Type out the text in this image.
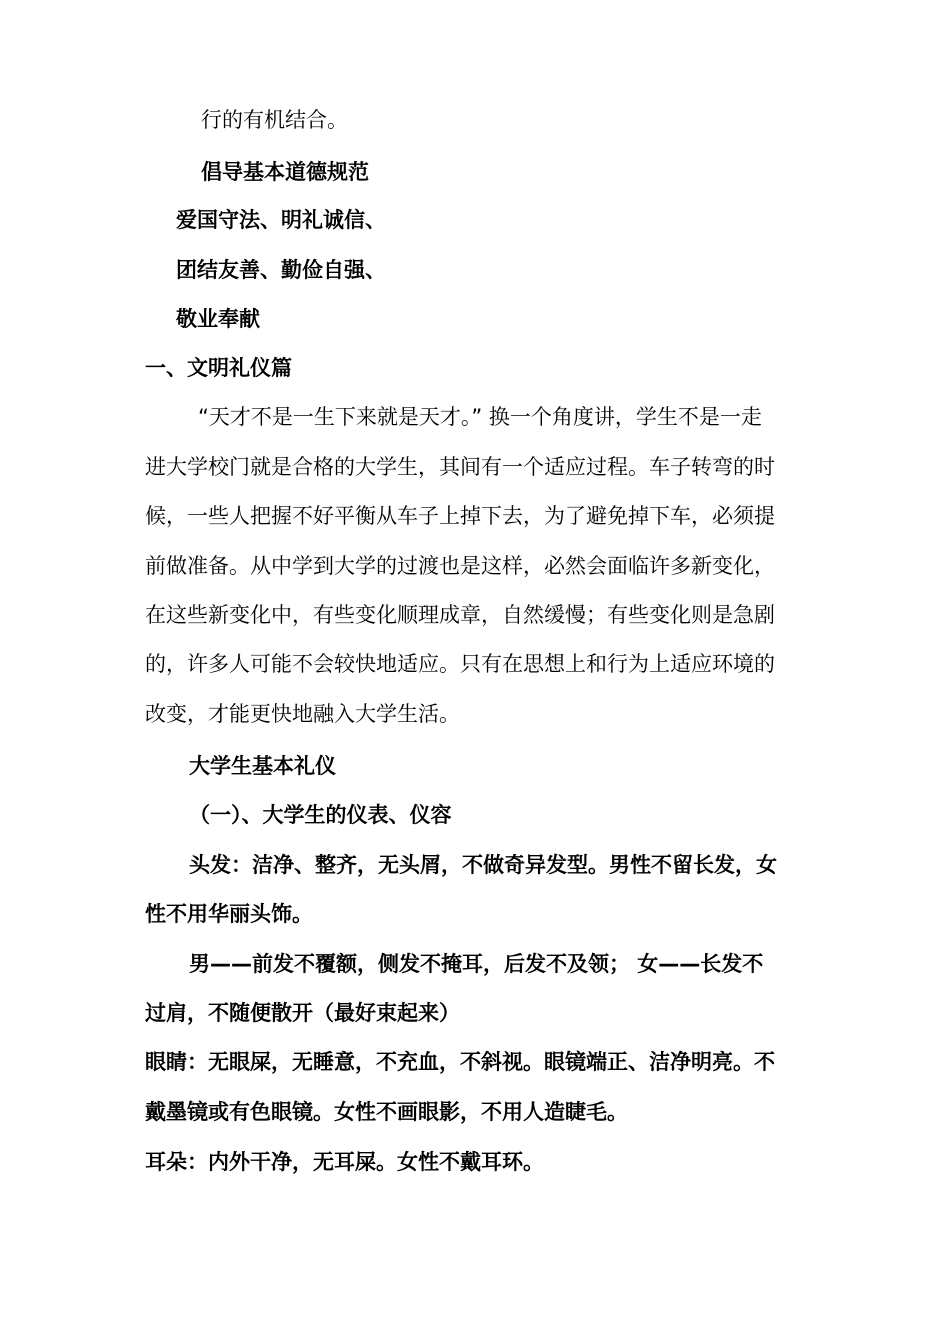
行的有机结合。
倡导基本道德规范
爱国守法、明礼诚信、
团结友善、勤俭自强、
敬业奉献
一、文明礼仪篇
“天才不是一生下来就是天才。” 换一个角度讲，学生不是一走
进大学校门就是合格的大学生，其间有一个适应过程。车子转弯的时
候，一些人把握不好平衡从车子上掉下去，为了避免掉下车，必须提
前做准备。从中学到大学的过渡也是这样，必然会面临许多新变化，
在这些新变化中，有些变化顺理成章，自然缓慢；有些变化则是急剧
的，许多人可能不会较快地适应。只有在思想上和行为上适应环境的
改变，才能更快地融入大学生活。
大学生基本礼仪
（一）、大学生的仪表、仪容
头发：洁净、整齐，无头屑，不做奇异发型。男性不留长发，女
性不用华丽头饰。
男——前发不覆额，侧发不掩耳，后发不及领； 女——长发不
过肩，不随便散开（最好束起来）
眼睛：无眼屎，无睡意，不充血，不斜视。眼镜端正、洁净明亮。不
戴墨镜或有色眼镜。女性不画眼影，不用人造睫毛。
耳朵：内外干净，无耳屎。女性不戴耳环。
